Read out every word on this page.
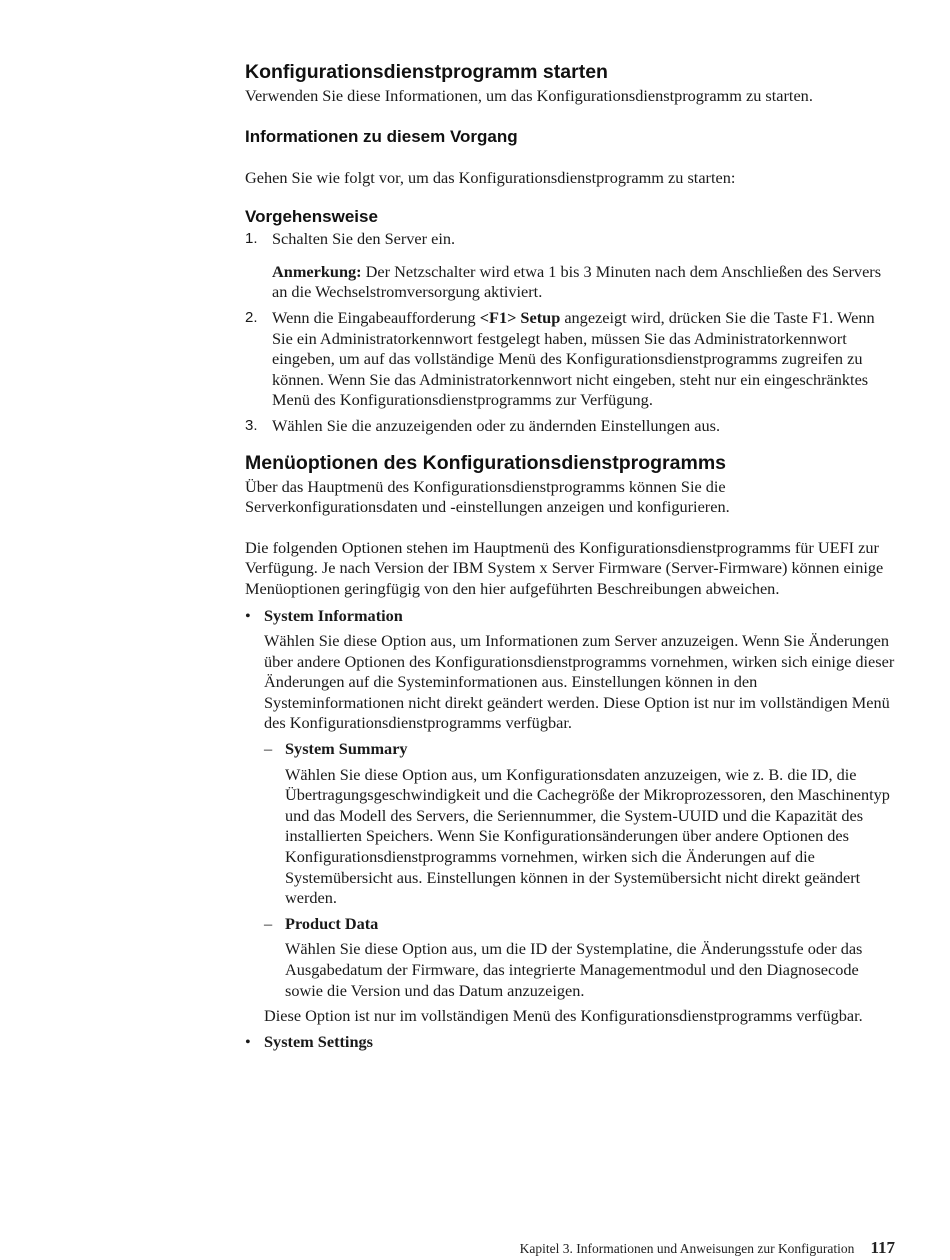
Konfigurationsdienstprogramm starten

Verwenden Sie diese Informationen, um das Konfigurationsdienstprogramm zu starten.

Informationen zu diesem Vorgang

Gehen Sie wie folgt vor, um das Konfigurationsdienstprogramm zu starten:

Vorgehensweise
1. Schalten Sie den Server ein.
Anmerkung: Der Netzschalter wird etwa 1 bis 3 Minuten nach dem Anschließen des Servers an die Wechselstromversorgung aktiviert.
2. Wenn die Eingabeaufforderung <F1> Setup angezeigt wird, drücken Sie die Taste F1. Wenn Sie ein Administratorkennwort festgelegt haben, müssen Sie das Administratorkennwort eingeben, um auf das vollständige Menü des Konfigurationsdienstprogramms zugreifen zu können. Wenn Sie das Administratorkennwort nicht eingeben, steht nur ein eingeschränktes Menü des Konfigurationsdienstprogramms zur Verfügung.
3. Wählen Sie die anzuzeigenden oder zu ändernden Einstellungen aus.
Menüoptionen des Konfigurationsdienstprogramms

Über das Hauptmenü des Konfigurationsdienstprogramms können Sie die Serverkonfigurationsdaten und -einstellungen anzeigen und konfigurieren.

Die folgenden Optionen stehen im Hauptmenü des Konfigurationsdienstprogramms für UEFI zur Verfügung. Je nach Version der IBM System x Server Firmware (Server-Firmware) können einige Menüoptionen geringfügig von den hier aufgeführten Beschreibungen abweichen.

• System Information

Wählen Sie diese Option aus, um Informationen zum Server anzuzeigen. Wenn Sie Änderungen über andere Optionen des Konfigurationsdienstprogramms vornehmen, wirken sich einige dieser Änderungen auf die Systeminformationen aus. Einstellungen können in den Systeminformationen nicht direkt geändert werden. Diese Option ist nur im vollständigen Menü des Konfigurationsdienstprogramms verfügbar.

– System Summary

Wählen Sie diese Option aus, um Konfigurationsdaten anzuzeigen, wie z. B. die ID, die Übertragungsgeschwindigkeit und die Cachegröße der Mikroprozessoren, den Maschinentyp und das Modell des Servers, die Seriennummer, die System-UUID und die Kapazität des installierten Speichers. Wenn Sie Konfigurationsänderungen über andere Optionen des Konfigurationsdienstprogramms vornehmen, wirken sich die Änderungen auf die Systemübersicht aus. Einstellungen können in der Systemübersicht nicht direkt geändert werden.

– Product Data

Wählen Sie diese Option aus, um die ID der Systemplatine, die Änderungsstufe oder das Ausgabedatum der Firmware, das integrierte Managementmodul und den Diagnosecode sowie die Version und das Datum anzuzeigen.

Diese Option ist nur im vollständigen Menü des Konfigurationsdienstprogramms verfügbar.

• System Settings
Kapitel 3. Informationen und Anweisungen zur Konfiguration 117
